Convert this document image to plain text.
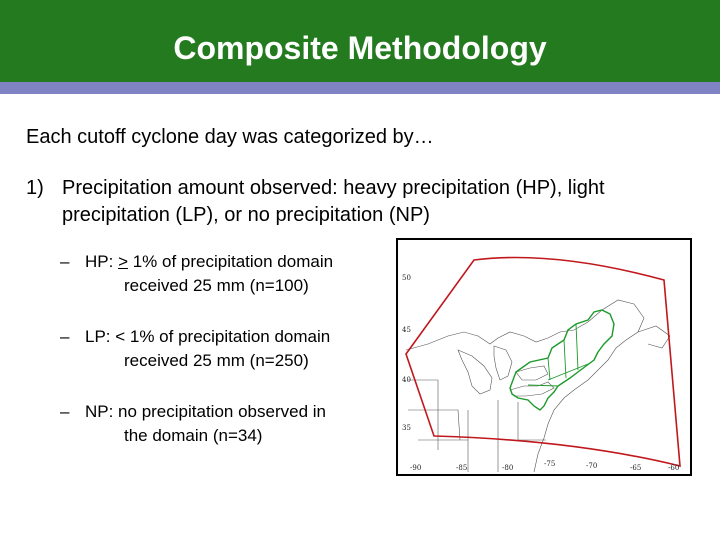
Composite Methodology
Each cutoff cyclone day was categorized by…
1) Precipitation amount observed: heavy precipitation (HP), light precipitation (LP), or no precipitation (NP)
– HP: > 1% of precipitation domain
received 25 mm (n=100)
– LP: < 1% of precipitation domain
received 25 mm (n=250)
– NP: no precipitation observed in
the domain (n=34)
50
45
40
35
-90	-85	-80	-75	-70	-65	-60
